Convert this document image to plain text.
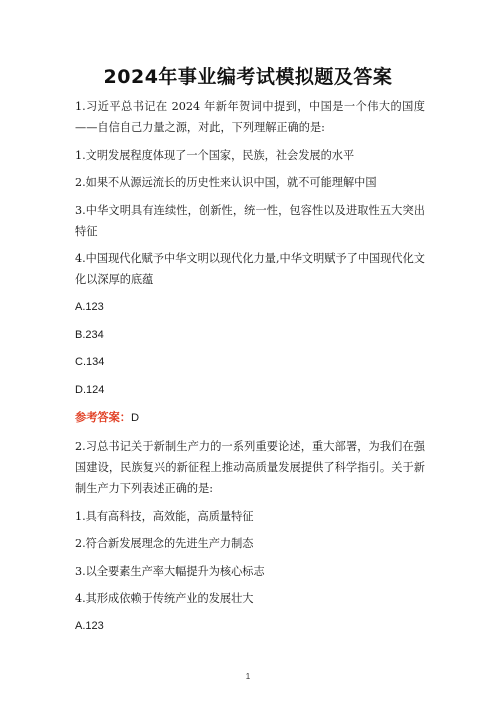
2024年事业编考试模拟题及答案

1.习近平总书记在 2024 年新年贺词中提到，中国是一个伟大的国度——自信自己力量之源，对此，下列理解正确的是:

1.文明发展程度体现了一个国家，民族，社会发展的水平

2.如果不从源远流长的历史性来认识中国，就不可能理解中国

3.中华文明具有连续性，创新性，统一性，包容性以及进取性五大突出特征

4.中国现代化赋予中华文明以现代化力量,中华文明赋予了中国现代化文化以深厚的底蕴

A.123

B.234

C.134

D.124

参考答案：D

2.习总书记关于新制生产力的一系列重要论述，重大部署，为我们在强国建设，民族复兴的新征程上推动高质量发展提供了科学指引。关于新制生产力下列表述正确的是:

1.具有高科技，高效能，高质量特征

2.符合新发展理念的先进生产力制态

3.以全要素生产率大幅提升为核心标志

4.其形成依赖于传统产业的发展壮大

A.123

1
